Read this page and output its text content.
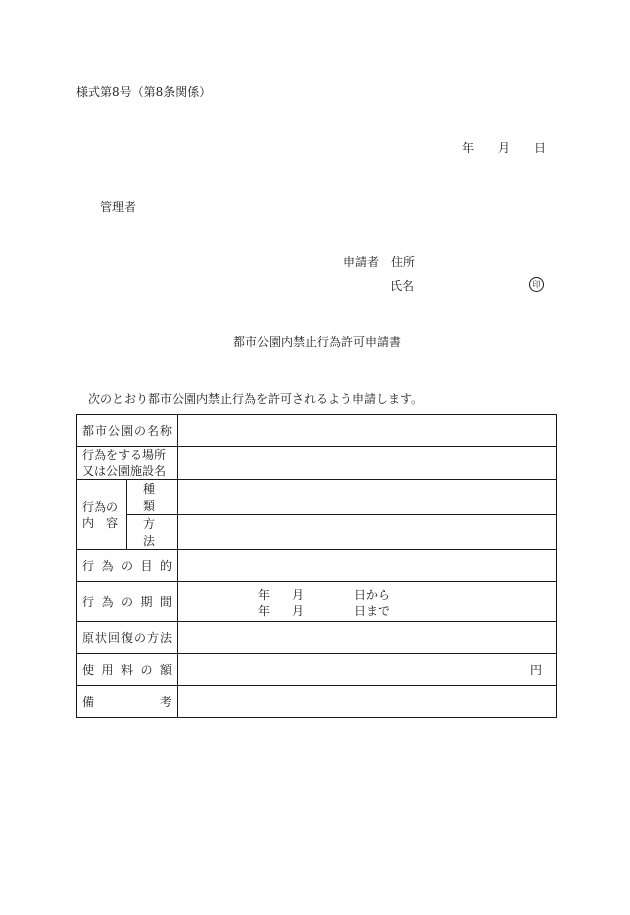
様式第8号（第8条関係）
年 月 日
管理者
申請者　 住所
氏名	印
都市公園内禁止行為許可申請書
次のとおり都市公園内禁止行為を許可されるよう申請します。
都市公園の名称		

行為をする場所
又は公園施設名		

行為の
内　容	種　類	
	方　法	
行為の目的		
行為の期間		年 月 日から
年 月 日まで

原状回復の方法		
使用料の額		円
備　　考		
